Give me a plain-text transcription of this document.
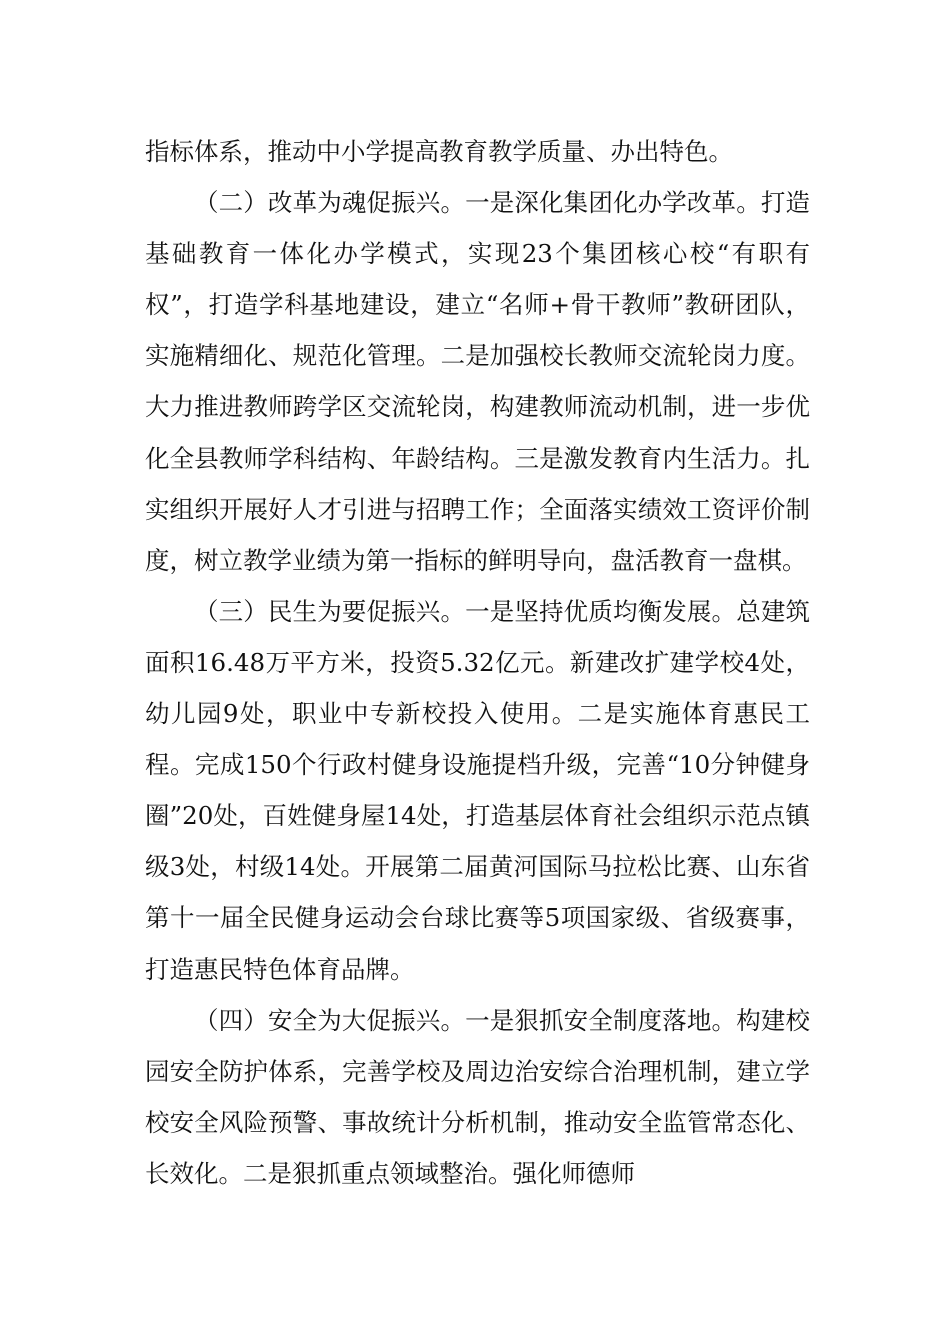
指标体系，推动中小学提高教育教学质量、办出特色。

（二）改革为魂促振兴。一是深化集团化办学改革。打造基础教育一体化办学模式，实现23个集团核心校“有职有权”，打造学科基地建设，建立“名师+骨干教师”教研团队，实施精细化、规范化管理。二是加强校长教师交流轮岗力度。大力推进教师跨学区交流轮岗，构建教师流动机制，进一步优化全县教师学科结构、年龄结构。三是激发教育内生活力。扎实组织开展好人才引进与招聘工作；全面落实绩效工资评价制度，树立教学业绩为第一指标的鲜明导向，盘活教育一盘棋。

（三）民生为要促振兴。一是坚持优质均衡发展。总建筑面积16.48万平方米，投资5.32亿元。新建改扩建学校4处，幼儿园9处，职业中专新校投入使用。二是实施体育惠民工程。完成150个行政村健身设施提档升级，完善“10分钟健身圈”20处，百姓健身屋14处，打造基层体育社会组织示范点镇级3处，村级14处。开展第二届黄河国际马拉松比赛、山东省第十一届全民健身运动会台球比赛等5项国家级、省级赛事，打造惠民特色体育品牌。

（四）安全为大促振兴。一是狠抓安全制度落地。构建校园安全防护体系，完善学校及周边治安综合治理机制，建立学校安全风险预警、事故统计分析机制，推动安全监管常态化、长效化。二是狠抓重点领域整治。强化师德师
